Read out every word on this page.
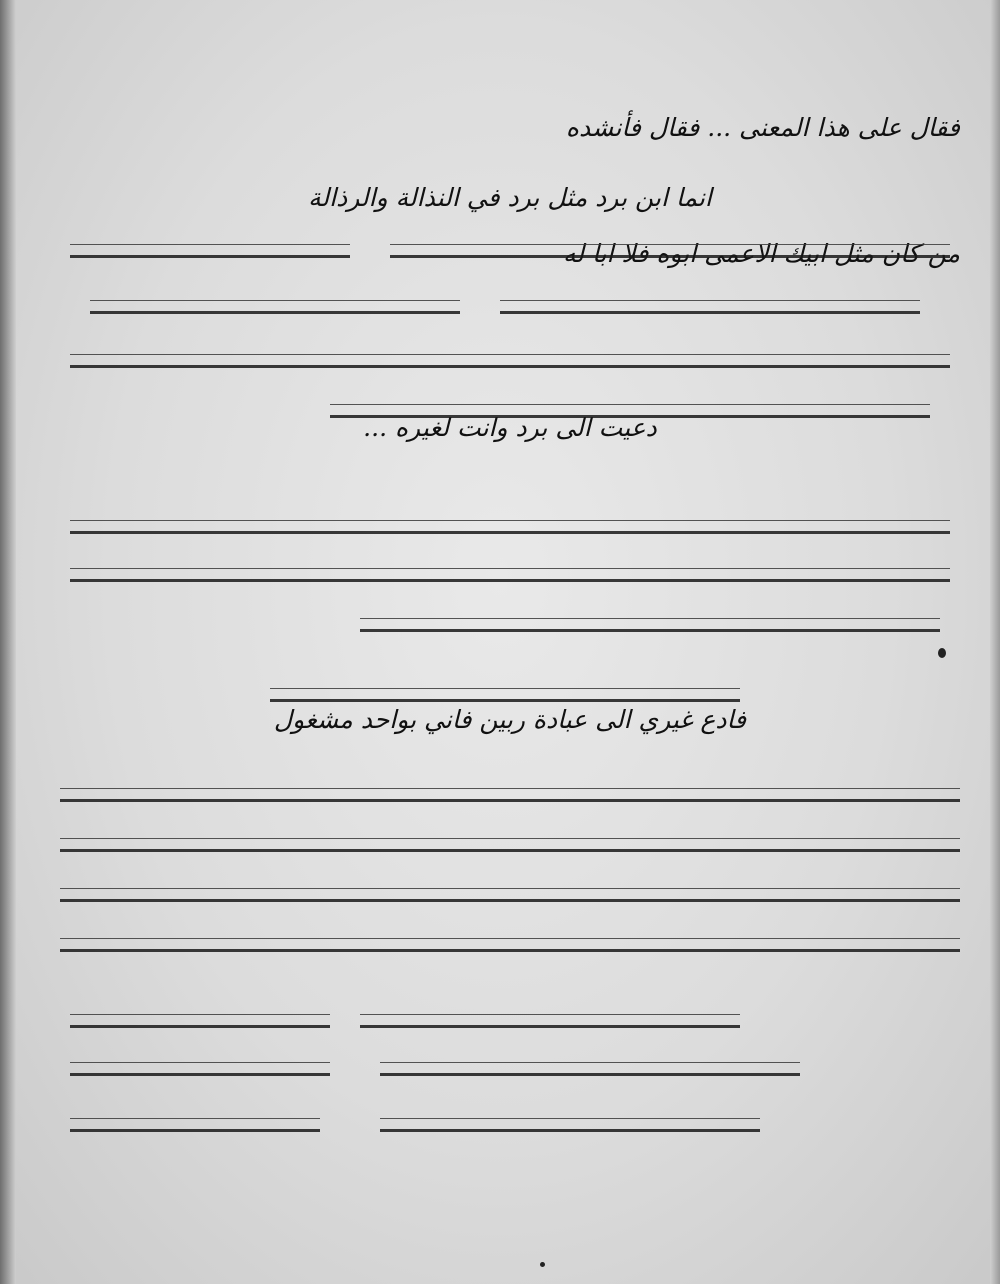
فقال على هذا المعنى ... فقال فأنشده
انما ابن برد مثل برد في النذالة والرذالة
من كان مثل ابيك الاعمى ابوه فلا ابا له
دعيت الى برد وانت لغيره ...
فادع غيري الى عبادة ربين فاني بواحد مشغول
